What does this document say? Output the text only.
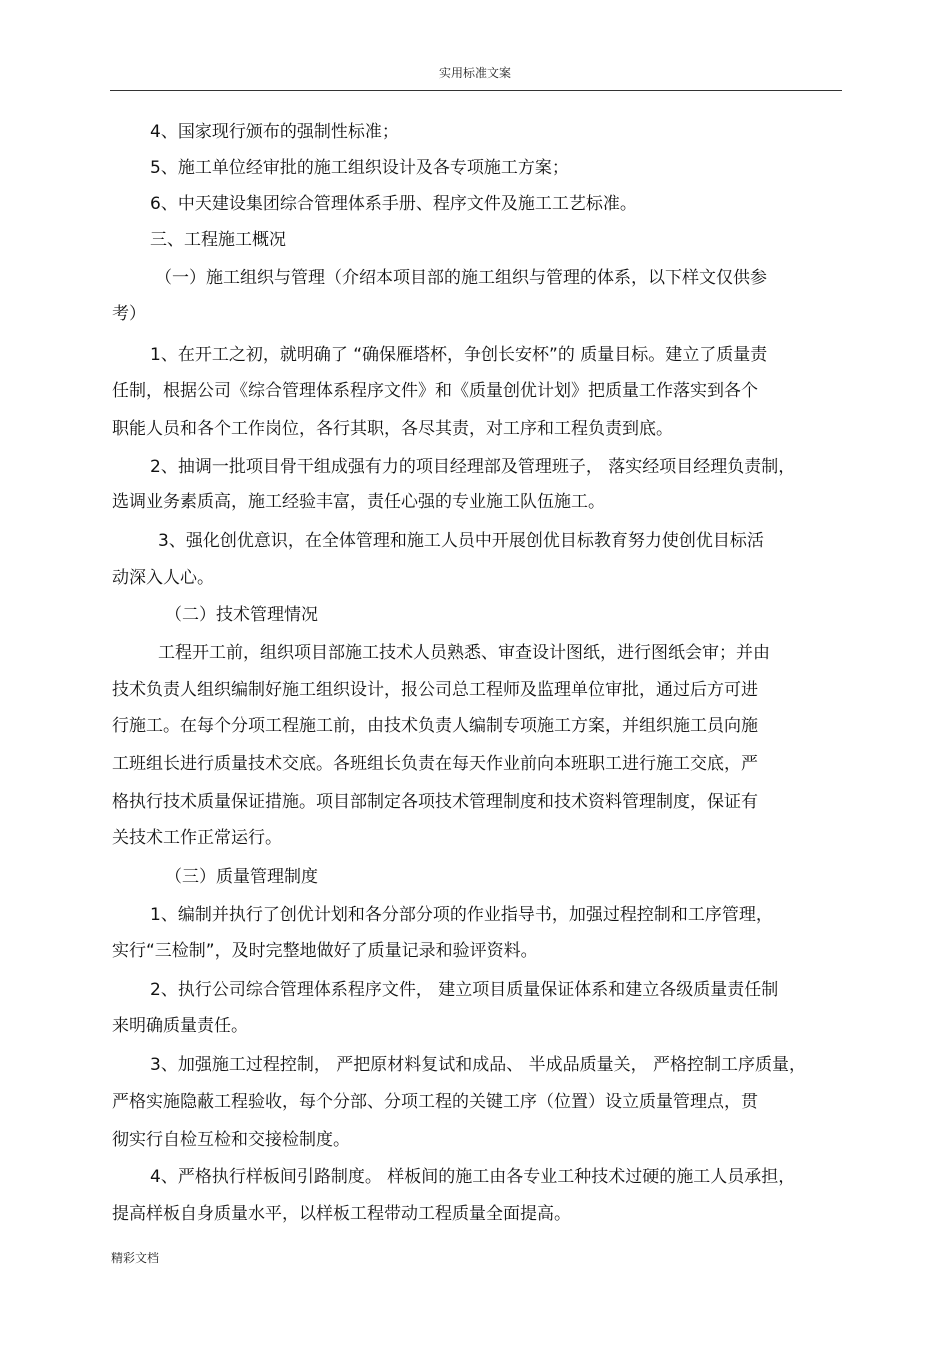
实用标准文案
4、国家现行颁布的强制性标准；
5、施工单位经审批的施工组织设计及各专项施工方案；
6、中天建设集团综合管理体系手册、程序文件及施工工艺标准。
三、工程施工概况
（一）施工组织与管理（介绍本项目部的施工组织与管理的体系，以下样文仅供参
考）
1、在开工之初，就明确了 “确保雁塔杯，争创长安杯”的 质量目标。建立了质量责
任制，根据公司《综合管理体系程序文件》和《质量创优计划》把质量工作落实到各个
职能人员和各个工作岗位，各行其职，各尽其责，对工序和工程负责到底。
2、抽调一批项目骨干组成强有力的项目经理部及管理班子， 落实经项目经理负责制，
选调业务素质高，施工经验丰富，责任心强的专业施工队伍施工。
3、强化创优意识，在全体管理和施工人员中开展创优目标教育努力使创优目标活
动深入人心。
（二）技术管理情况
工程开工前，组织项目部施工技术人员熟悉、审查设计图纸，进行图纸会审；并由
技术负责人组织编制好施工组织设计，报公司总工程师及监理单位审批，通过后方可进
行施工。在每个分项工程施工前，由技术负责人编制专项施工方案，并组织施工员向施
工班组长进行质量技术交底。各班组长负责在每天作业前向本班职工进行施工交底，严
格执行技术质量保证措施。项目部制定各项技术管理制度和技术资料管理制度，保证有
关技术工作正常运行。
（三）质量管理制度
1、编制并执行了创优计划和各分部分项的作业指导书，加强过程控制和工序管理，
实行“三检制”，及时完整地做好了质量记录和验评资料。
2、执行公司综合管理体系程序文件， 建立项目质量保证体系和建立各级质量责任制
来明确质量责任。
3、加强施工过程控制， 严把原材料复试和成品、 半成品质量关， 严格控制工序质量，
严格实施隐蔽工程验收，每个分部、分项工程的关键工序（位置）设立质量管理点，贯
彻实行自检互检和交接检制度。
4、严格执行样板间引路制度。 样板间的施工由各专业工种技术过硬的施工人员承担，
提高样板自身质量水平，以样板工程带动工程质量全面提高。
精彩文档
